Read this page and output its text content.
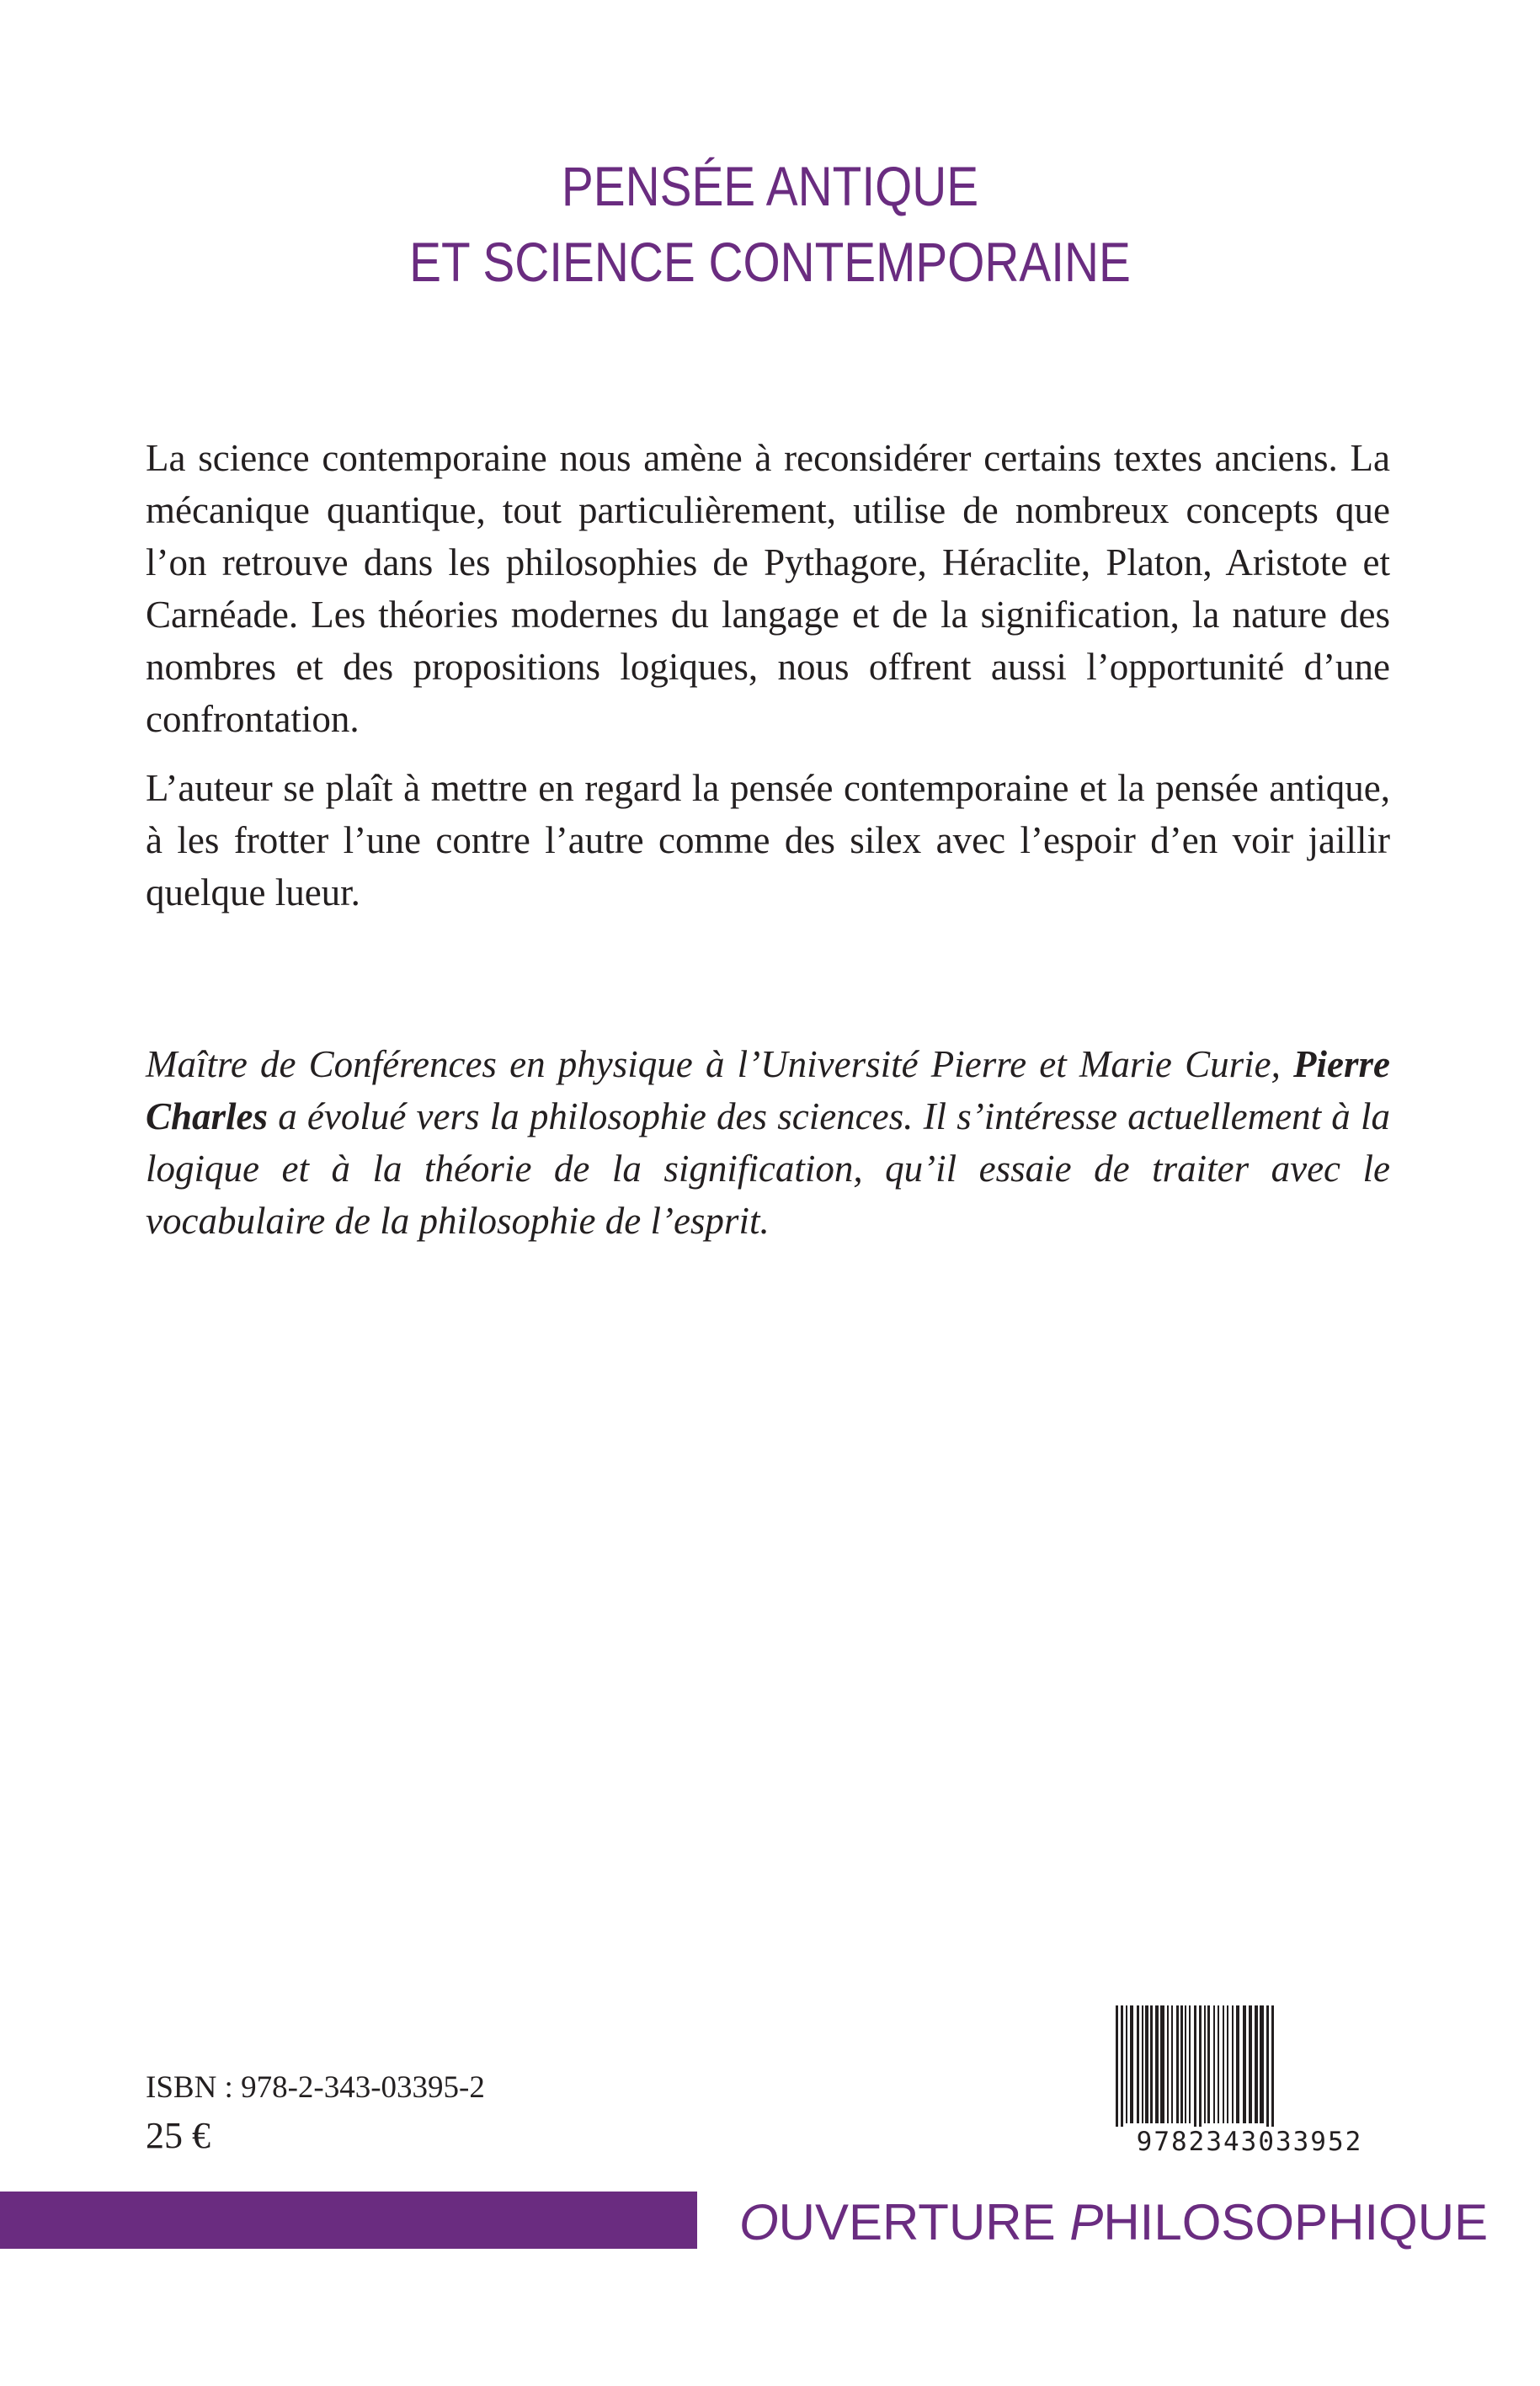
PENSÉE ANTIQUE
ET SCIENCE CONTEMPORAINE

La science contemporaine nous amène à reconsidérer certains textes anciens. La mécanique quantique, tout particulièrement, utilise de nombreux concepts que l’on retrouve dans les philosophies de Pythagore, Héraclite, Platon, Aristote et Carnéade. Les théories modernes du langage et de la signification, la nature des nombres et des propositions logiques, nous offrent aussi l’opportunité d’une confrontation.

L’auteur se plaît à mettre en regard la pensée contemporaine et la pensée antique, à les frotter l’une contre l’autre comme des silex avec l’espoir d’en voir jaillir quelque lueur.

Maître de Conférences en physique à l’Université Pierre et Marie Curie, Pierre Charles a évolué vers la philosophie des sciences. Il s’intéresse actuellement à la logique et à la théorie de la signification, qu’il essaie de traiter avec le vocabulaire de la philosophie de l’esprit.

ISBN : 978-2-343-03395-2
25 €	9782343033952
OUVERTURE PHILOSOPHIQUE
